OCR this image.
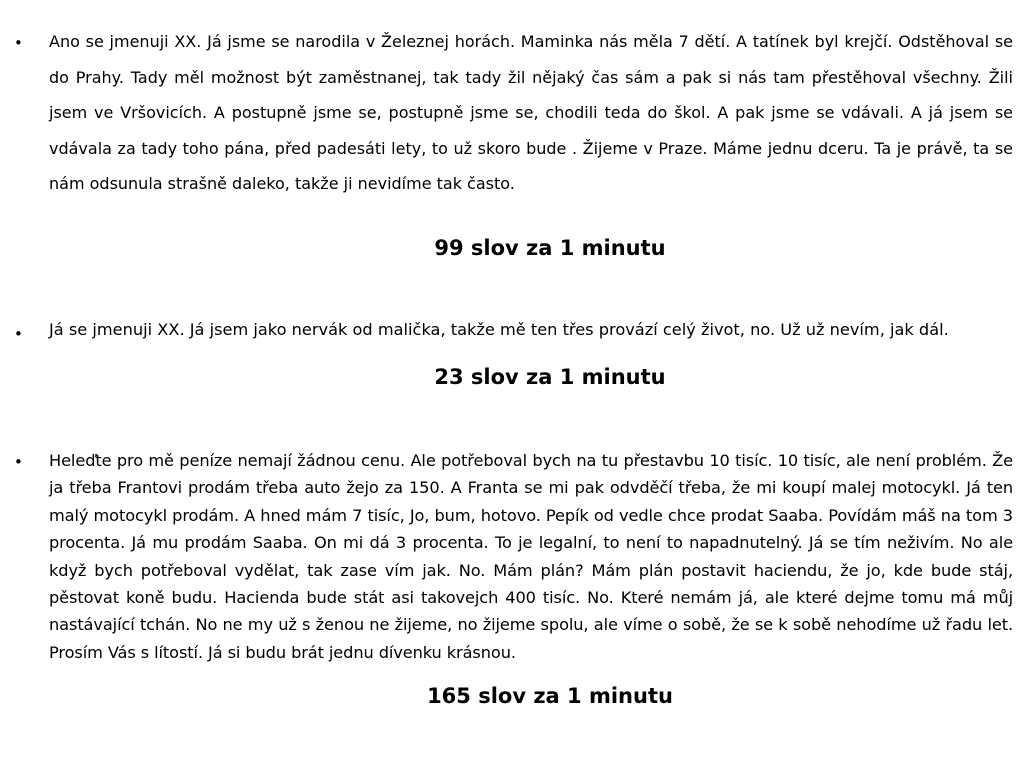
• Ano se jmenuji XX. Já jsme se narodila v Železnej horách. Maminka nás měla 7 dětí. A tatínek byl krejčí. Odstěhoval se do Prahy. Tady měl možnost být zaměstnanej, tak tady žil nějaký čas sám a pak si nás tam přestěhoval všechny. Žili jsem ve Vršovicích. A postupně jsme se, postupně jsme se, chodili teda do škol. A pak jsme se vdávali. A já jsem se vdávala za tady toho pána, před padesáti lety, to už skoro bude . Žijeme v Praze. Máme jednu dceru. Ta je právě, ta se nám odsunula strašně daleko, takže ji nevidíme tak často.

99 slov za 1 minutu

• Já se jmenuji XX. Já jsem jako nervák od malička, takže mě ten třes provází celý život, no. Už už nevím, jak dál.

23 slov za 1 minutu

• Heleďte pro mě peníze nemají žádnou cenu. Ale potřeboval bych na tu přestavbu 10 tisíc. 10 tisíc, ale není problém. Že ja třeba Frantovi prodám třeba auto žejo za 150. A Franta se mi pak odvděčí třeba, že mi koupí malej motocykl. Já ten malý motocykl prodám. A hned mám 7 tisíc, Jo, bum, hotovo. Pepík od vedle chce prodat Saaba. Povídám máš na tom 3 procenta. Já mu prodám Saaba. On mi dá 3 procenta. To je legalní, to není to napadnutelný. Já se tím neživím. No ale když bych potřeboval vydělat, tak zase vím jak. No. Mám plán? Mám plán postavit haciendu, že jo, kde bude stáj, pěstovat koně budu. Hacienda bude stát asi takovejch 400 tisíc. No. Které nemám já, ale které dejme tomu má můj nastávající tchán. No ne my už s ženou ne žijeme, no žijeme spolu, ale víme o sobě, že se k sobě nehodíme už řadu let. Prosím Vás s lítostí. Já si budu brát jednu dívenku krásnou.

165 slov za 1 minutu
